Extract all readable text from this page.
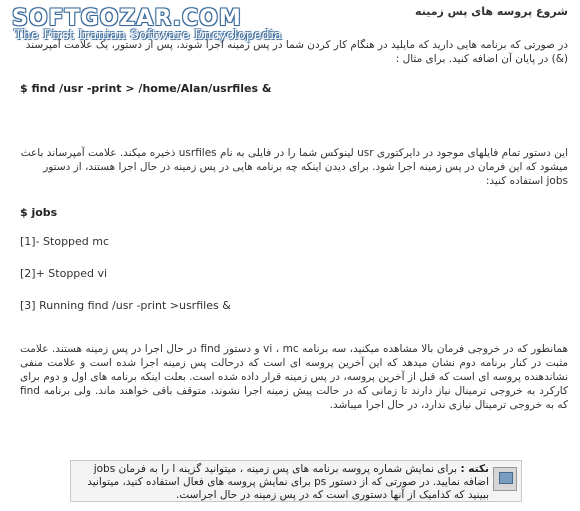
SOFTGOZAR.COM
The First Iranian Software Encyclopedia
شروع پروسه های پس زمینه
در صورتی که برنامه هایی دارید که مایلید در هنگام کار کردن شما در پس زمینه اجرا شوند، پس از دستور، یک علامت آمپرسند (&) در پایان آن اضافه کنید. برای مثال :
$ find /usr -print > /home/Alan/usrfiles &
این دستور تمام فایلهای موجود در دایرکتوری usr لینوکس شما را در فایلی به نام usrfiles ذخیره میکند. علامت آمپرساند باعث میشود که این فرمان در پس زمینه اجرا شود. برای دیدن اینکه چه برنامه هایی در پس زمینه در حال اجرا هستند، از دستور jobs استفاده کنید:
$ jobs
[1]- Stopped mc
[2]+ Stopped vi
[3] Running find /usr -print >usrfiles &
همانطور که در خروجی فرمان بالا مشاهده میکنید، سه برنامه vi ، mc و دستور find در حال اجرا در پس زمینه هستند. علامت مثبت در کنار برنامه دوم نشان میدهد که این آخرین پروسه ای است که درحالت پس زمینه اجرا شده است و علامت منفی نشاندهنده پروسه ای است که قبل از آخرین پروسه، در پس زمینه قرار داده شده است. بعلت اینکه برنامه های اول و دوم برای کارکرد به خروجی ترمینال نیاز دارند تا زمانی که در حالت پیش زمینه اجرا نشوند، متوقف باقی خواهند ماند. ولی برنامه find که به خروجی ترمینال نیازی ندارد، در حال اجرا میباشد.
نکته : برای نمایش شماره پروسه برنامه های پس زمینه ، میتوانید گزینه l را به فرمان jobs اضافه نمایید. در صورتی که از دستور ps برای نمایش پروسه های فعال استفاده کنید، میتوانید ببینید که کدامیک از آنها دستوری است که در پس زمینه در حال اجراست.
